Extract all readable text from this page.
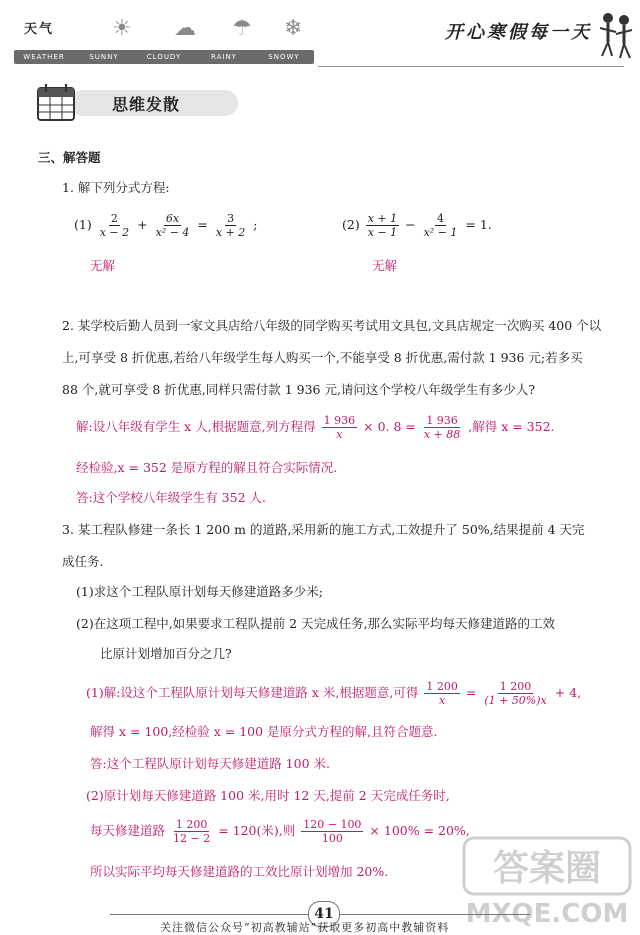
天气	☀ ☁ ☂ ❄
WEATHER	SUNNY	CLOUDY	RAINY	SNOWY
开心寒假每一天
思维发散
三、解答题
1. 解下列分式方程:
$(1) \frac{2}{x - 2} + \frac{6x}{\text{x² − 4}} = \frac{3}{x + 2}$ ;	$(2) \frac{x + 1}{x - 1} - \frac{4}{\text{x² − 1}} = 1$.
无解	无解
2. 某学校后勤人员到一家文具店给八年级的同学购买考试用文具包,文具店规定一次购买 400 个以
上,可享受 8 折优惠,若给八年级学生每人购买一个,不能享受 8 折优惠,需付款 1 936 元;若多买
88 个,就可享受 8 折优惠,同样只需付款 1 936 元,请问这个学校八年级学生有多少人?
解:设八年级有学生 x 人,根据题意,列方程得 $\frac{1 936}{x} \times 0$. $8 = \frac{1 936}{x + 88}$ ,解得 x = 352.
经检验,x = 352 是原方程的解且符合实际情况.
答:这个学校八年级学生有 352 人.
3. 某工程队修建一条长 1 200 m 的道路,采用新的施工方式,工效提升了 50%,结果提前 4 天完
成任务.
(1)求这个工程队原计划每天修建道路多少米;
(2)在这项工程中,如果要求工程队提前 2 天完成任务,那么实际平均每天修建道路的工效
比原计划增加百分之几?
(1)解:设这个工程队原计划每天修建道路 x 米,根据题意,可得 $\frac{1 200}{x} = \frac{1 200}{(1 + 50\%)x} + 4$,
解得 x = 100,经检验 x = 100 是原分式方程的解,且符合题意.
答:这个工程队原计划每天修建道路 100 米.
(2)原计划每天修建道路 100 米,用时 12 天,提前 2 天完成任务时,
每天修建道路 $\frac{1 200}{12 - 2} = 120$(米),则 $\frac{120 - 100}{100} \times 100\% = 20\%$,
所以实际平均每天修建道路的工效比原计划增加 20%.	答案圈
MXQE.COM
41
关注微信公众号“初高教辅站”获取更多初高中教辅资料
